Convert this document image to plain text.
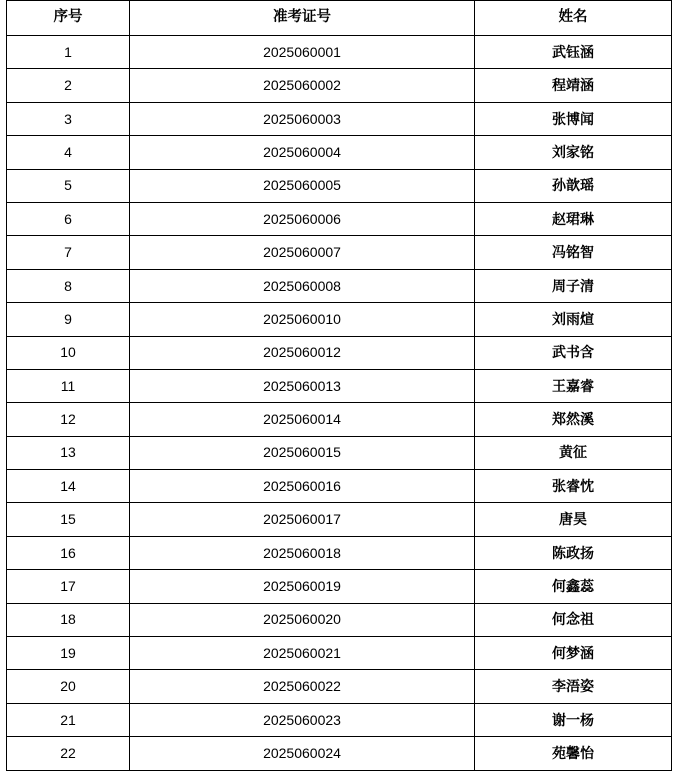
序号	准考证号	姓名
1	2025060001	武钰涵
2	2025060002	程靖涵
3	2025060003	张博闻
4	2025060004	刘家铭
5	2025060005	孙歆瑶
6	2025060006	赵珺琳
7	2025060007	冯铭智
8	2025060008	周子清
9	2025060010	刘雨煊
10	2025060012	武书含
11	2025060013	王嘉睿
12	2025060014	郑然溪
13	2025060015	黄征
14	2025060016	张睿忱
15	2025060017	唐昊
16	2025060018	陈政扬
17	2025060019	何鑫蕊
18	2025060020	何念祖
19	2025060021	何梦涵
20	2025060022	李浯姿
21	2025060023	谢一杨
22	2025060024	苑馨怡
